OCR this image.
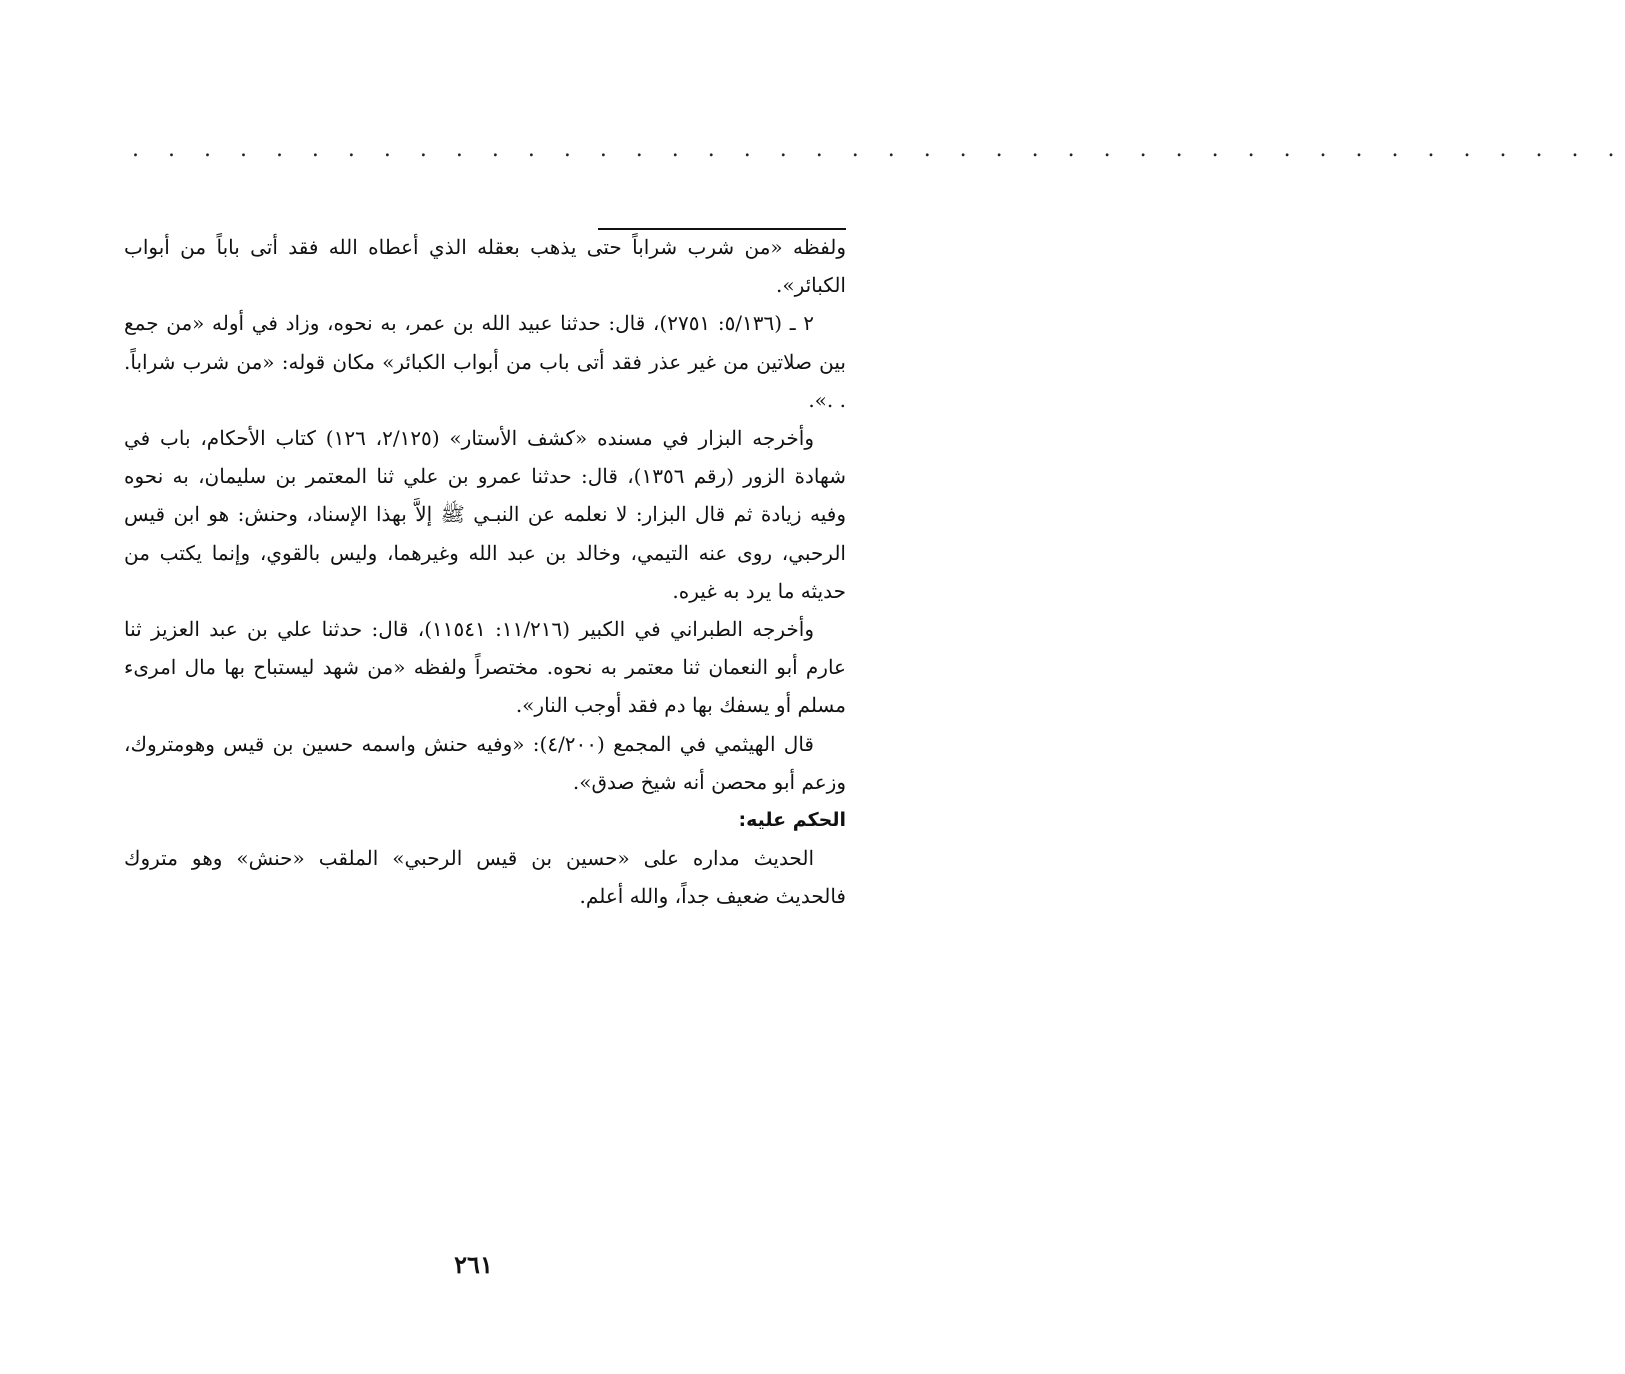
. . . . . . . . . . . . . . . . . . . . . . . . . . . . . . . . . . . . . . . . . .

ولفظه «من شرب شراباً حتى يذهب بعقله الذي أعطاه الله فقد أتى باباً من أبواب الكبائر».

٢ ـ (٥/١٣٦: ٢٧٥١)، قال: حدثنا عبيد الله بن عمر، به نحوه، وزاد في أوله «من جمع بين صلاتين من غير عذر فقد أتى باب من أبواب الكبائر» مكان قوله: «من شرب شراباً. . .».

وأخرجه البزار في مسنده «كشف الأستار» (٢/١٢٥، ١٢٦) كتاب الأحكام، باب في شهادة الزور (رقم ١٣٥٦)، قال: حدثنا عمرو بن علي ثنا المعتمر بن سليمان، به نحوه وفيه زيادة ثم قال البزار: لا نعلمه عن النبـي ﷺ إلاَّ بهذا الإسناد، وحنش: هو ابن قيس الرحبي، روى عنه التيمي، وخالد بن عبد الله وغيرهما، وليس بالقوي، وإنما يكتب من حديثه ما يرد به غيره.

وأخرجه الطبراني في الكبير (١١/٢١٦: ١١٥٤١)، قال: حدثنا علي بن عبد العزيز ثنا عارم أبو النعمان ثنا معتمر به نحوه. مختصراً ولفظه «من شهد ليستباح بها مال امرىء مسلم أو يسفك بها دم فقد أوجب النار».

قال الهيثمي في المجمع (٤/٢٠٠): «وفيه حنش واسمه حسين بن قيس وهومتروك، وزعم أبو محصن أنه شيخ صدق».

الحكم عليه:

الحديث مداره على «حسين بن قيس الرحبي» الملقب «حنش» وهو متروك فالحديث ضعيف جداً، والله أعلم.

٢٦١
